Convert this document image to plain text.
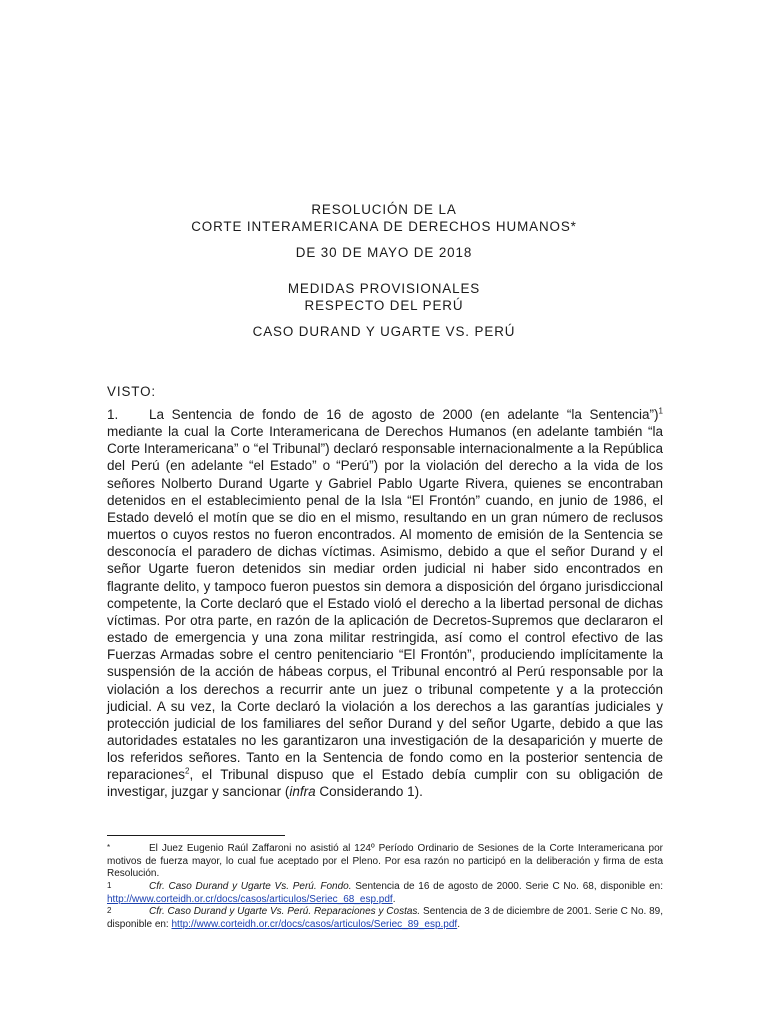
RESOLUCIÓN DE LA

CORTE INTERAMERICANA DE DERECHOS HUMANOS*

DE 30 DE MAYO DE 2018

MEDIDAS PROVISIONALES

RESPECTO DEL PERÚ

CASO DURAND Y UGARTE VS. PERÚ

VISTO:

1. La Sentencia de fondo de 16 de agosto de 2000 (en adelante “la Sentencia”)$^1$ mediante la cual la Corte Interamericana de Derechos Humanos (en adelante también “la Corte Interamericana” o “el Tribunal”) declaró responsable internacionalmente a la República del Perú (en adelante “el Estado” o “Perú”) por la violación del derecho a la vida de los señores Nolberto Durand Ugarte y Gabriel Pablo Ugarte Rivera, quienes se encontraban detenidos en el establecimiento penal de la Isla “El Frontón” cuando, en junio de 1986, el Estado develó el motín que se dio en el mismo, resultando en un gran número de reclusos muertos o cuyos restos no fueron encontrados. Al momento de emisión de la Sentencia se desconocía el paradero de dichas víctimas. Asimismo, debido a que el señor Durand y el señor Ugarte fueron detenidos sin mediar orden judicial ni haber sido encontrados en flagrante delito, y tampoco fueron puestos sin demora a disposición del órgano jurisdiccional competente, la Corte declaró que el Estado violó el derecho a la libertad personal de dichas víctimas. Por otra parte, en razón de la aplicación de Decretos-Supremos que declararon el estado de emergencia y una zona militar restringida, así como el control efectivo de las Fuerzas Armadas sobre el centro penitenciario “El Frontón”, produciendo implícitamente la suspensión de la acción de hábeas corpus, el Tribunal encontró al Perú responsable por la violación a los derechos a recurrir ante un juez o tribunal competente y a la protección judicial. A su vez, la Corte declaró la violación a los derechos a las garantías judiciales y protección judicial de los familiares del señor Durand y del señor Ugarte, debido a que las autoridades estatales no les garantizaron una investigación de la desaparición y muerte de los referidos señores. Tanto en la Sentencia de fondo como en la posterior sentencia de reparaciones$^2$, el Tribunal dispuso que el Estado debía cumplir con su obligación de investigar, juzgar y sancionar (infra Considerando 1).

*	El Juez Eugenio Raúl Zaffaroni no asistió al 124º Período Ordinario de Sesiones de la Corte Interamericana por motivos de fuerza mayor, lo cual fue aceptado por el Pleno. Por esa razón no participó en la deliberación y firma de esta Resolución.

1	Cfr. Caso Durand y Ugarte Vs. Perú. Fondo. Sentencia de 16 de agosto de 2000. Serie C No. 68, disponible en: http://www.corteidh.or.cr/docs/casos/articulos/Seriec_68_esp.pdf.

2	Cfr. Caso Durand y Ugarte Vs. Perú. Reparaciones y Costas. Sentencia de 3 de diciembre de 2001. Serie C No. 89, disponible en: http://www.corteidh.or.cr/docs/casos/articulos/Seriec_89_esp.pdf.
